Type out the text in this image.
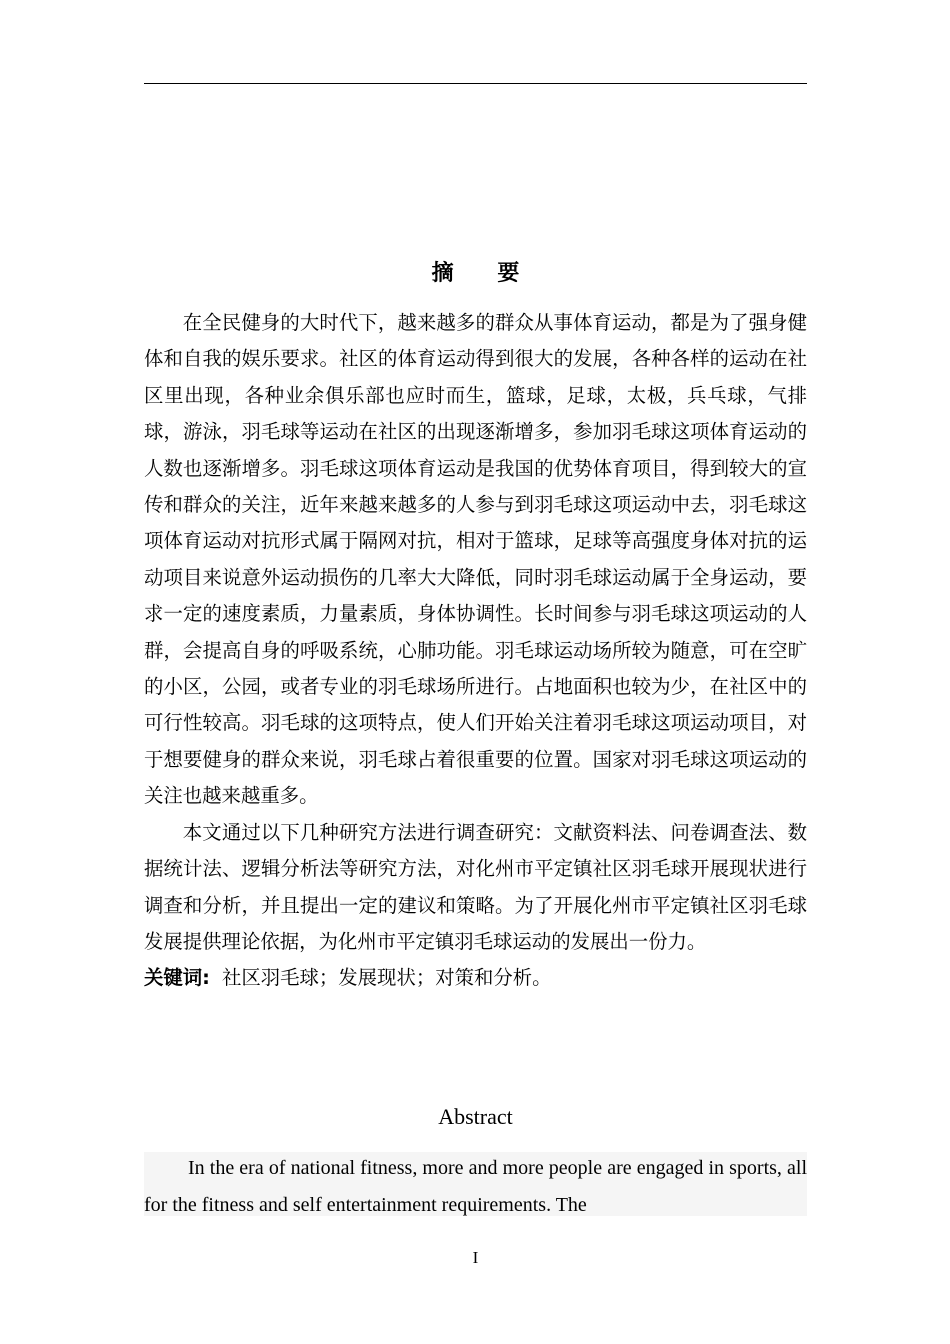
摘 要

在全民健身的大时代下，越来越多的群众从事体育运动，都是为了强身健体和自我的娱乐要求。社区的体育运动得到很大的发展，各种各样的运动在社区里出现，各种业余俱乐部也应时而生，篮球，足球，太极，兵乓球，气排球，游泳，羽毛球等运动在社区的出现逐渐增多，参加羽毛球这项体育运动的人数也逐渐增多。羽毛球这项体育运动是我国的优势体育项目，得到较大的宣传和群众的关注，近年来越来越多的人参与到羽毛球这项运动中去，羽毛球这项体育运动对抗形式属于隔网对抗，相对于篮球，足球等高强度身体对抗的运动项目来说意外运动损伤的几率大大降低，同时羽毛球运动属于全身运动，要求一定的速度素质，力量素质，身体协调性。长时间参与羽毛球这项运动的人群，会提高自身的呼吸系统，心肺功能。羽毛球运动场所较为随意，可在空旷的小区，公园，或者专业的羽毛球场所进行。占地面积也较为少，在社区中的可行性较高。羽毛球的这项特点，使人们开始关注着羽毛球这项运动项目，对于想要健身的群众来说，羽毛球占着很重要的位置。国家对羽毛球这项运动的关注也越来越重多。

本文通过以下几种研究方法进行调查研究：文献资料法、问卷调查法、数据统计法、逻辑分析法等研究方法，对化州市平定镇社区羽毛球开展现状进行调查和分析，并且提出一定的建议和策略。为了开展化州市平定镇社区羽毛球发展提供理论依据，为化州市平定镇羽毛球运动的发展出一份力。

关键词: 社区羽毛球；发展现状；对策和分析。

Abstract

In the era of national fitness, more and more people are engaged in sports, all for the fitness and self entertainment requirements. The

I
